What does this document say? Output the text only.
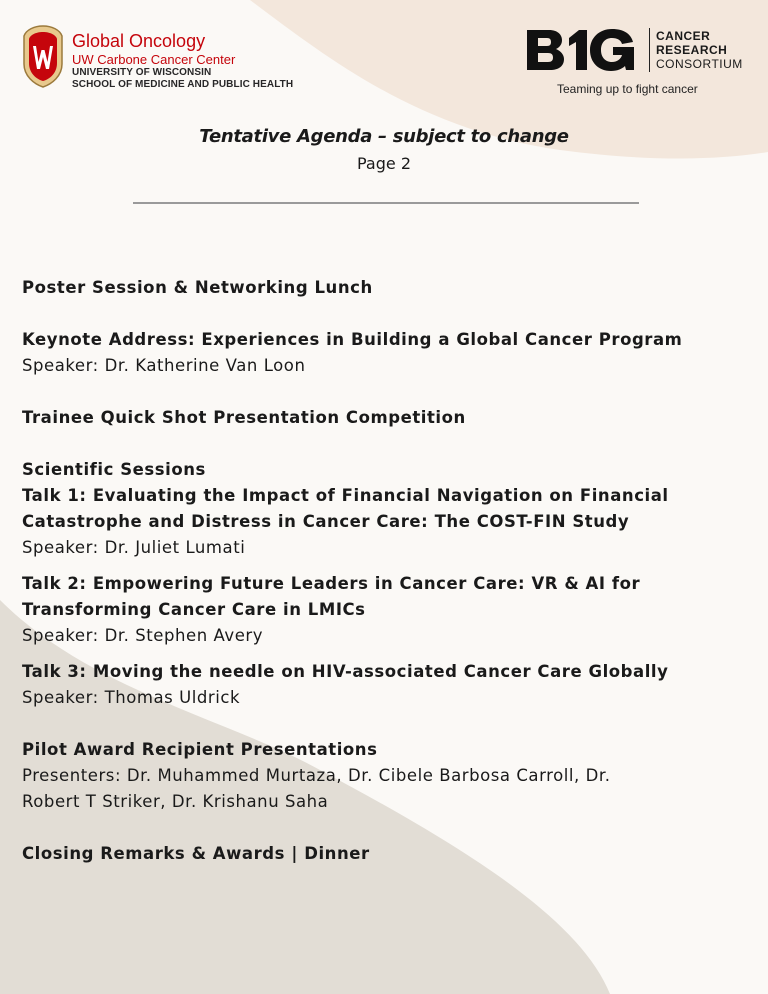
Global Oncology
UW Carbone Cancer Center
UNIVERSITY OF WISCONSIN
SCHOOL OF MEDICINE AND PUBLIC HEALTH
CANCER
RESEARCH
CONSORTIUM
Teaming up to fight cancer
Tentative Agenda – subject to change
Page 2
Poster Session & Networking Lunch
Keynote Address: Experiences in Building a Global Cancer Program
Speaker: Dr. Katherine Van Loon
Trainee Quick Shot Presentation Competition
Scientific Sessions
Talk 1: Evaluating the Impact of Financial Navigation on Financial
Catastrophe and Distress in Cancer Care: The COST-FIN Study
Speaker: Dr. Juliet Lumati
Talk 2: Empowering Future Leaders in Cancer Care: VR & AI for
Transforming Cancer Care in LMICs
Speaker: Dr. Stephen Avery
Talk 3: Moving the needle on HIV-associated Cancer Care Globally
Speaker: Thomas Uldrick
Pilot Award Recipient Presentations
Presenters: Dr. Muhammed Murtaza, Dr. Cibele Barbosa Carroll, Dr.
Robert T Striker, Dr. Krishanu Saha
Closing Remarks & Awards | Dinner
